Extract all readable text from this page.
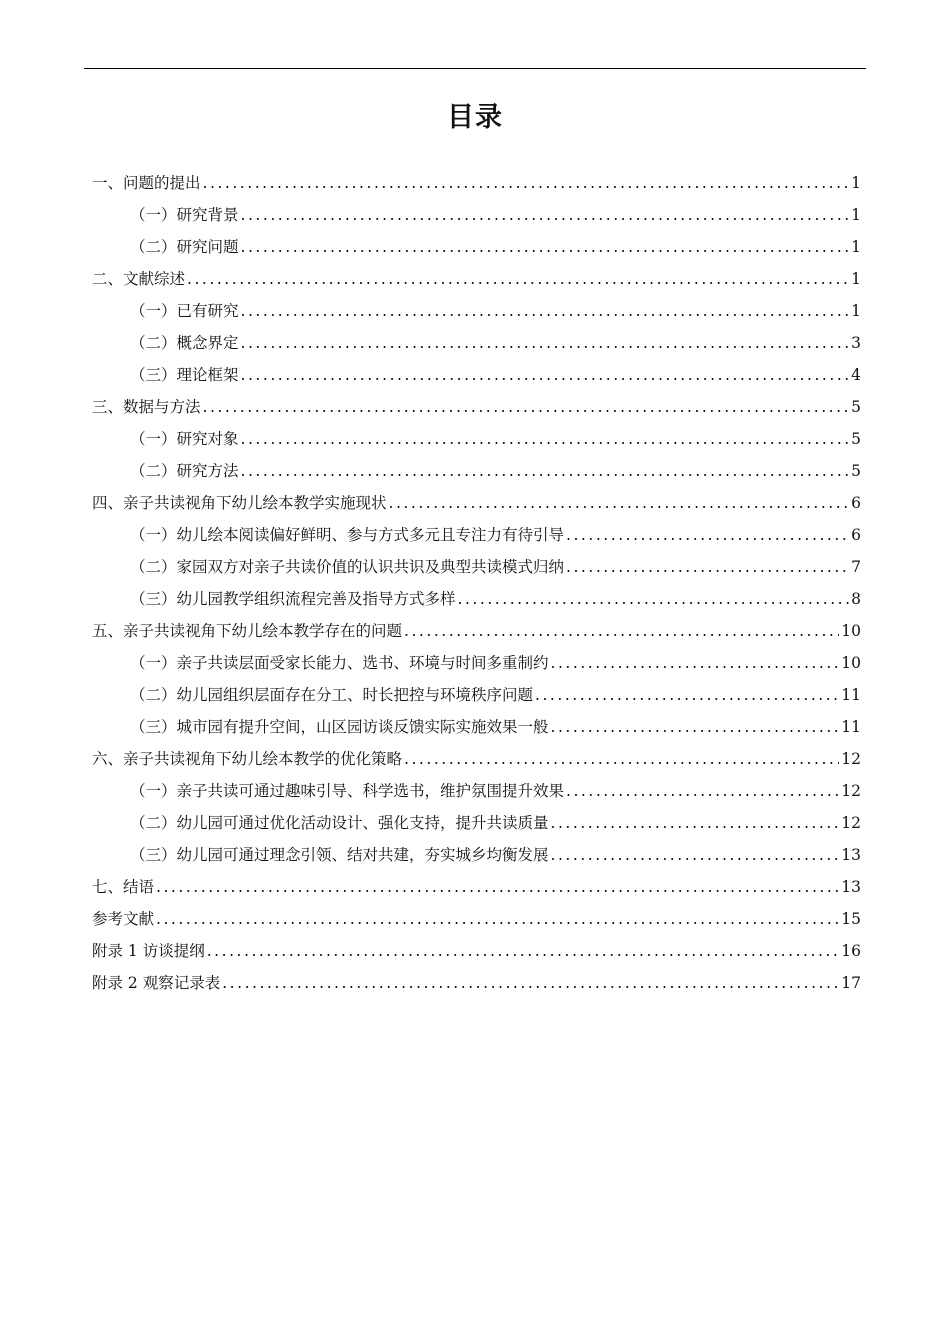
目录
一、问题的提出 . . .	1
（一）研究背景 . . .	1
（二）研究问题 . . .	1
二、文献综述 . . .	1
（一）已有研究 . . .	1
（二）概念界定 . . .	3
（三）理论框架 . . .	4
三、数据与方法 . . .	5
（一）研究对象 . . .	5
（二）研究方法 . . .	5
四、亲子共读视角下幼儿绘本教学实施现状 . . .	6
（一）幼儿绘本阅读偏好鲜明、参与方式多元且专注力有待引导 . . .	6
（二）家园双方对亲子共读价值的认识共识及典型共读模式归纳 . . .	7
（三）幼儿园教学组织流程完善及指导方式多样 . . .	8
五、亲子共读视角下幼儿绘本教学存在的问题 . . .	10
（一）亲子共读层面受家长能力、选书、环境与时间多重制约 . . .	10
（二）幼儿园组织层面存在分工、时长把控与环境秩序问题 . . .	11
（三）城市园有提升空间，山区园访谈反馈实际实施效果一般 . . .	11
六、亲子共读视角下幼儿绘本教学的优化策略 . . .	12
（一）亲子共读可通过趣味引导、科学选书，维护氛围提升效果 . . .	12
（二）幼儿园可通过优化活动设计、强化支持，提升共读质量 . . .	12
（三）幼儿园可通过理念引领、结对共建，夯实城乡均衡发展 . . .	13
七、结语 . . .	13
参考文献 . . .	15
附录 1 访谈提纲 . . .	16
附录 2 观察记录表 . . .	17
